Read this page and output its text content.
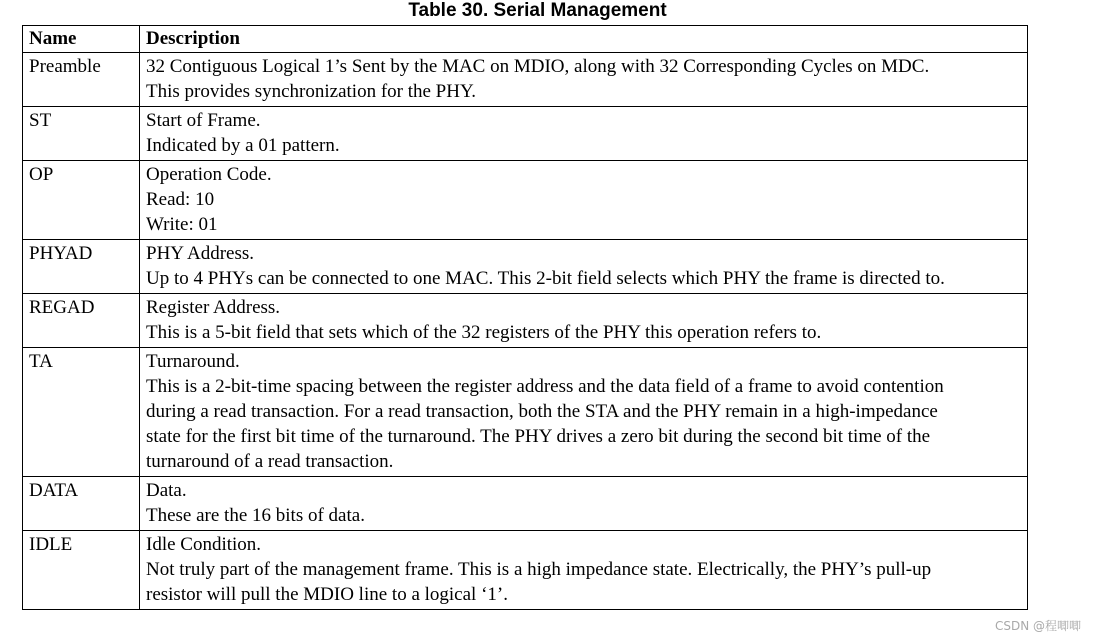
Table 30. Serial Management
Name	Description
Preamble	32 Contiguous Logical 1’s Sent by the MAC on MDIO, along with 32 Corresponding Cycles on MDC.
This provides synchronization for the PHY.

ST	Start of Frame.
Indicated by a 01 pattern.

OP	Operation Code.
Read: 10
Write: 01

PHYAD	PHY Address.
Up to 4 PHYs can be connected to one MAC. This 2-bit field selects which PHY the frame is directed to.

REGAD	Register Address.
This is a 5-bit field that sets which of the 32 registers of the PHY this operation refers to.

TA	Turnaround.
This is a 2-bit-time spacing between the register address and the data field of a frame to avoid contention
during a read transaction. For a read transaction, both the STA and the PHY remain in a high-impedance
state for the first bit time of the turnaround. The PHY drives a zero bit during the second bit time of the
turnaround of a read transaction.

DATA	Data.
These are the 16 bits of data.

IDLE	Idle Condition.
Not truly part of the management frame. This is a high impedance state. Electrically, the PHY’s pull-up
resistor will pull the MDIO line to a logical ‘1’.
CSDN @程唧唧
